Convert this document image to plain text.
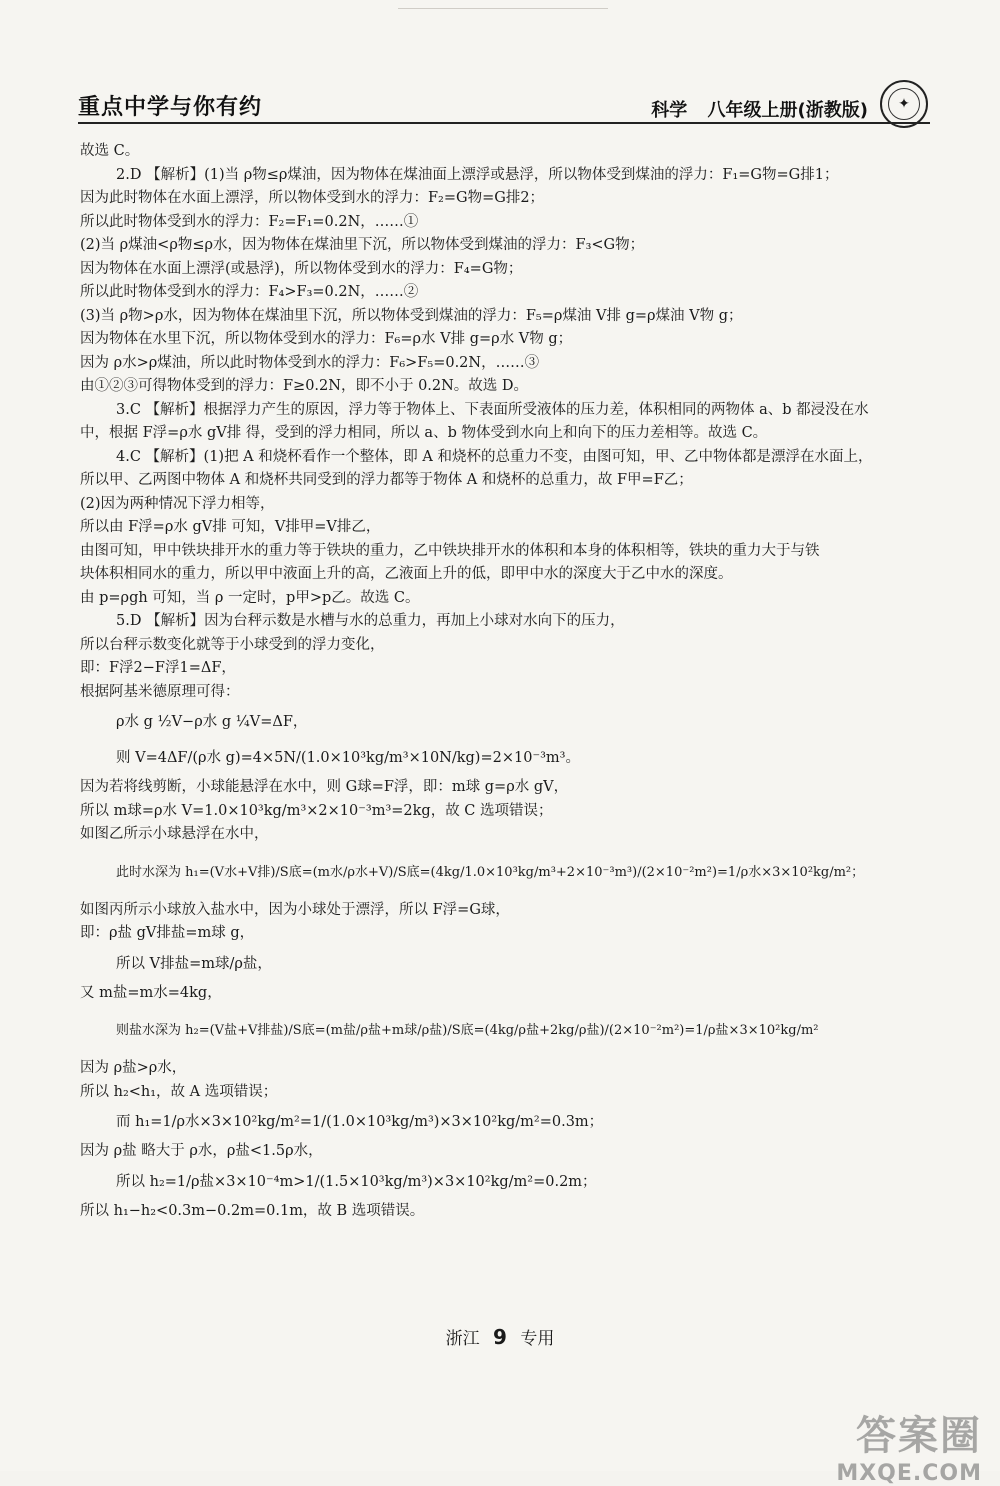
重点中学与你有约	科学 八年级上册(浙教版)	✦
故选 C。
2.D 【解析】(1)当 ρ物≤ρ煤油，因为物体在煤油面上漂浮或悬浮，所以物体受到煤油的浮力：F₁=G物=G排1；
因为此时物体在水面上漂浮，所以物体受到水的浮力：F₂=G物=G排2；
所以此时物体受到水的浮力：F₂=F₁=0.2N，……①
(2)当 ρ煤油<ρ物≤ρ水，因为物体在煤油里下沉，所以物体受到煤油的浮力：F₃<G物；
因为物体在水面上漂浮(或悬浮)，所以物体受到水的浮力：F₄=G物；
所以此时物体受到水的浮力：F₄>F₃=0.2N，……②
(3)当 ρ物>ρ水，因为物体在煤油里下沉，所以物体受到煤油的浮力：F₅=ρ煤油 V排 g=ρ煤油 V物 g；
因为物体在水里下沉，所以物体受到水的浮力：F₆=ρ水 V排 g=ρ水 V物 g；
因为 ρ水>ρ煤油，所以此时物体受到水的浮力：F₆>F₅=0.2N，……③
由①②③可得物体受到的浮力：F≥0.2N，即不小于 0.2N。故选 D。
3.C 【解析】根据浮力产生的原因，浮力等于物体上、下表面所受液体的压力差，体积相同的两物体 a、b 都浸没在水
中，根据 F浮=ρ水 gV排 得，受到的浮力相同，所以 a、b 物体受到水向上和向下的压力差相等。故选 C。
4.C 【解析】(1)把 A 和烧杯看作一个整体，即 A 和烧杯的总重力不变，由图可知，甲、乙中物体都是漂浮在水面上，
所以甲、乙两图中物体 A 和烧杯共同受到的浮力都等于物体 A 和烧杯的总重力，故 F甲=F乙；
(2)因为两种情况下浮力相等，
所以由 F浮=ρ水 gV排 可知，V排甲=V排乙，
由图可知，甲中铁块排开水的重力等于铁块的重力，乙中铁块排开水的体积和本身的体积相等，铁块的重力大于与铁
块体积相同水的重力，所以甲中液面上升的高，乙液面上升的低，即甲中水的深度大于乙中水的深度。
由 p=ρgh 可知，当 ρ 一定时，p甲>p乙。故选 C。
5.D 【解析】因为台秤示数是水槽与水的总重力，再加上小球对水向下的压力，
所以台秤示数变化就等于小球受到的浮力变化，
即：F浮2−F浮1=ΔF，
根据阿基米德原理可得：
ρ水 g ½V−ρ水 g ¼V=ΔF，
则 V=4ΔF/(ρ水 g)=4×5N/(1.0×10³kg/m³×10N/kg)=2×10⁻³m³。
因为若将线剪断，小球能悬浮在水中，则 G球=F浮，即：m球 g=ρ水 gV，
所以 m球=ρ水 V=1.0×10³kg/m³×2×10⁻³m³=2kg，故 C 选项错误；
如图乙所示小球悬浮在水中，
此时水深为 h₁=(V水+V排)/S底=(m水/ρ水+V)/S底=(4kg/1.0×10³kg/m³+2×10⁻³m³)/(2×10⁻²m²)=1/ρ水×3×10²kg/m²；
如图丙所示小球放入盐水中，因为小球处于漂浮，所以 F浮=G球，
即：ρ盐 gV排盐=m球 g，
所以 V排盐=m球/ρ盐，
又 m盐=m水=4kg，
则盐水深为 h₂=(V盐+V排盐)/S底=(m盐/ρ盐+m球/ρ盐)/S底=(4kg/ρ盐+2kg/ρ盐)/(2×10⁻²m²)=1/ρ盐×3×10²kg/m²
因为 ρ盐>ρ水，
所以 h₂<h₁，故 A 选项错误；
而 h₁=1/ρ水×3×10²kg/m²=1/(1.0×10³kg/m³)×3×10²kg/m²=0.3m；
因为 ρ盐 略大于 ρ水，ρ盐<1.5ρ水，
所以 h₂=1/ρ盐×3×10⁻⁴m>1/(1.5×10³kg/m³)×3×10²kg/m²=0.2m；
所以 h₁−h₂<0.3m−0.2m=0.1m，故 B 选项错误。
浙江 9 专用
答案圈
MXQE.COM
